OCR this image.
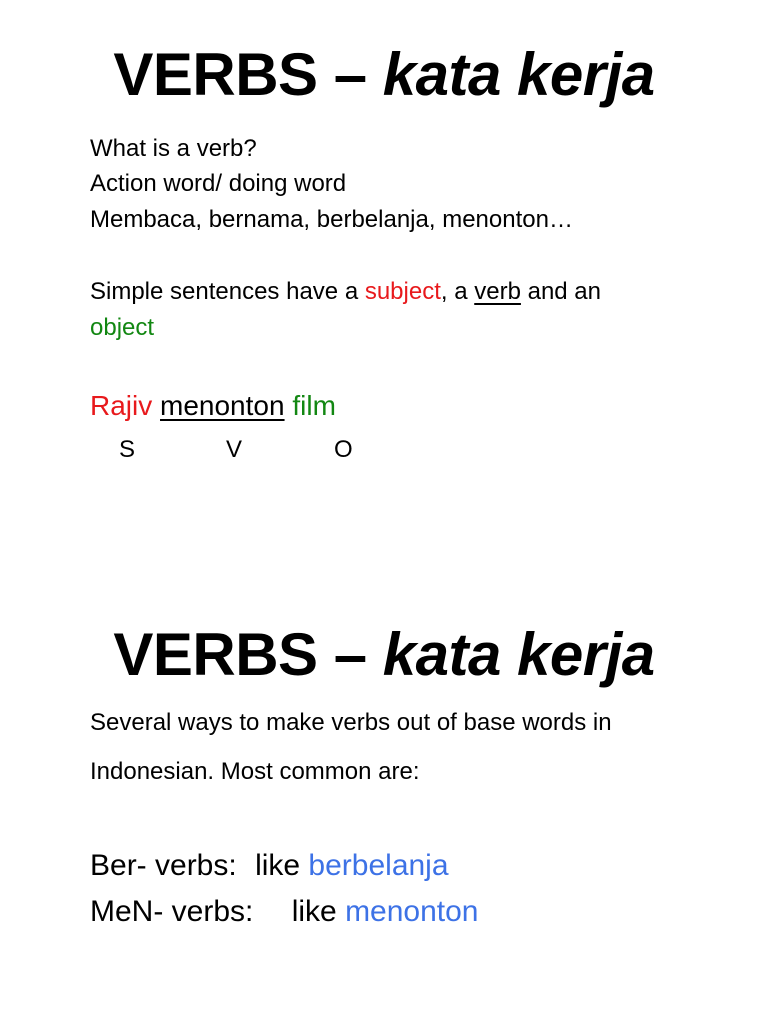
VERBS – kata kerja
What is a verb?
Action word/ doing word
Membaca, bernama, berbelanja, menonton…
Simple sentences have a subject, a verb and an
object
Rajiv menonton film
S	V	O
VERBS – kata kerja
Several ways to make verbs out of base words in
Indonesian. Most common are:
Ber- verbs: like berbelanja
MeN- verbs: like menonton
